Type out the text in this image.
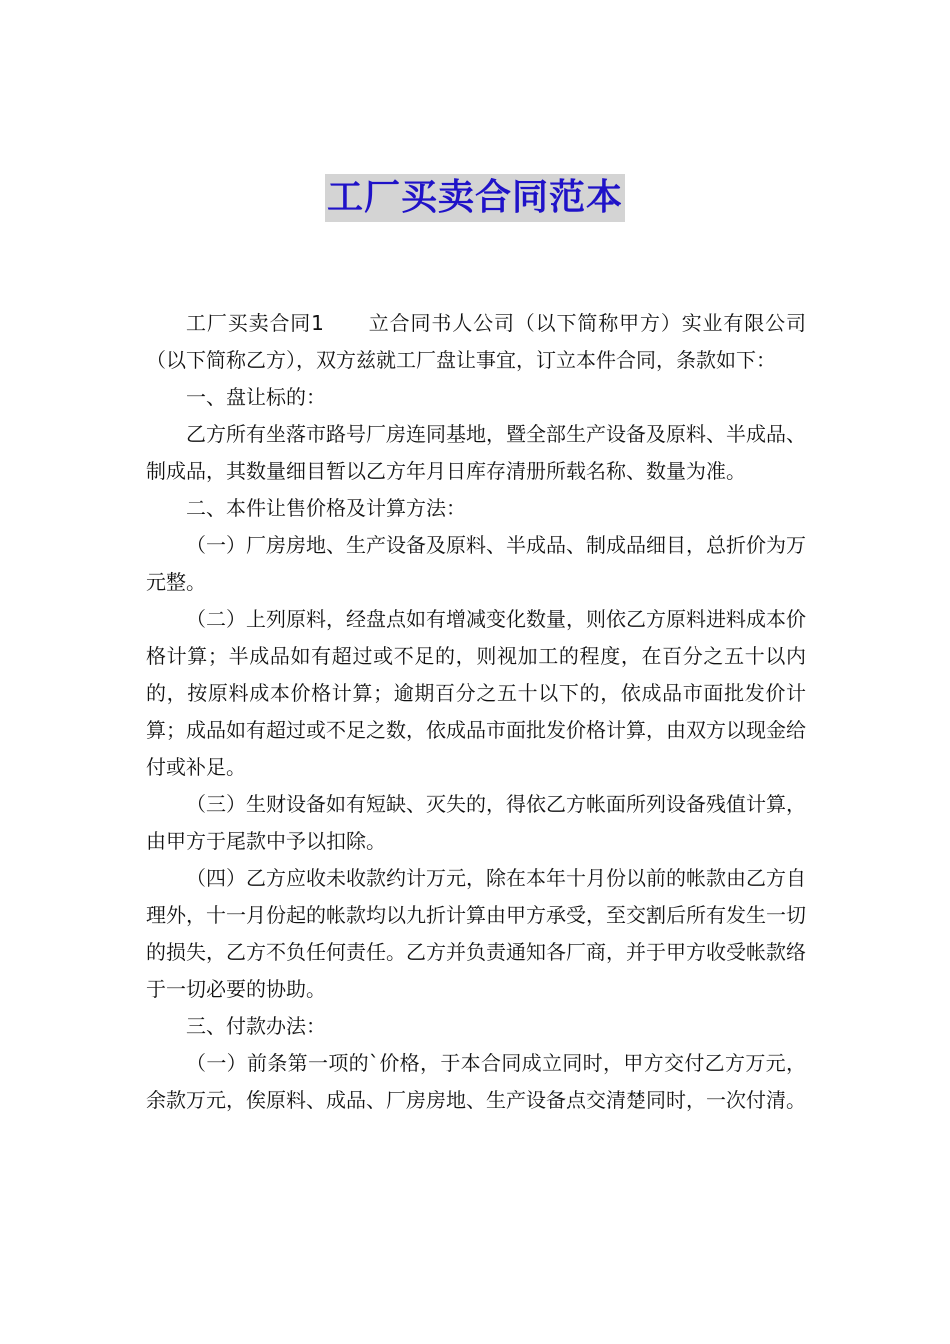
工厂买卖合同范本

工厂买卖合同1 立合同书人公司（以下简称甲方）实业有限公司（以下简称乙方），双方兹就工厂盘让事宜，订立本件合同，条款如下：

一、盘让标的：

乙方所有坐落市路号厂房连同基地，暨全部生产设备及原料、半成品、制成品，其数量细目暂以乙方年月日库存清册所载名称、数量为准。

二、本件让售价格及计算方法：

（一）厂房房地、生产设备及原料、半成品、制成品细目，总折价为万元整。

（二）上列原料，经盘点如有增减变化数量，则依乙方原料进料成本价格计算；半成品如有超过或不足的，则视加工的程度，在百分之五十以内的，按原料成本价格计算；逾期百分之五十以下的，依成品市面批发价计算；成品如有超过或不足之数，依成品市面批发价格计算，由双方以现金给付或补足。

（三）生财设备如有短缺、灭失的，得依乙方帐面所列设备残值计算，由甲方于尾款中予以扣除。

（四）乙方应收未收款约计万元，除在本年十月份以前的帐款由乙方自理外，十一月份起的帐款均以九折计算由甲方承受，至交割后所有发生一切的损失，乙方不负任何责任。乙方并负责通知各厂商，并于甲方收受帐款络于一切必要的协助。

三、付款办法：

（一）前条第一项的`价格，于本合同成立同时，甲方交付乙方万元，余款万元，俟原料、成品、厂房房地、生产设备点交清楚同时，一次付清。
